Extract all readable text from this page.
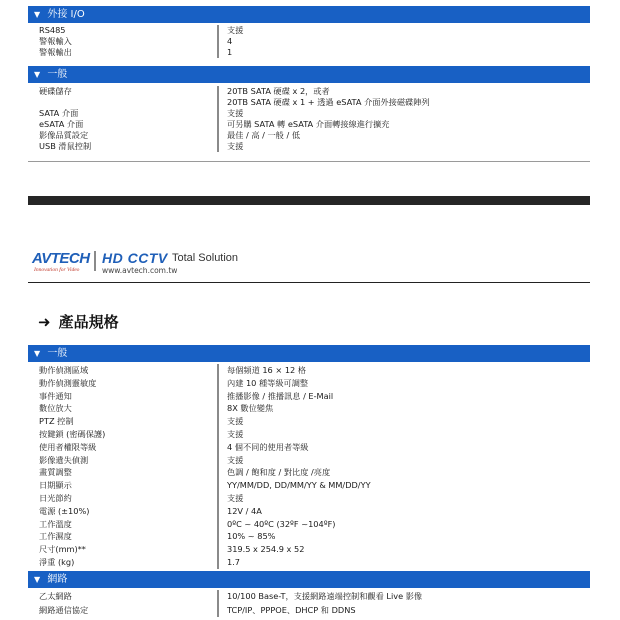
▼ 外接 I/O
RS485	支援
警報輸入	4
警報輸出	1
▼ 一般
硬碟儲存	20TB SATA 硬碟 x 2，或者
20TB SATA 硬碟 x 1 + 透過 eSATA 介面外接磁碟陣列
SATA 介面	支援
eSATA 介面	可另購 SATA 轉 eSATA 介面轉接線進行擴充
影像品質設定	最佳 / 高 / 一般 / 低
USB 滑鼠控制	支援
AVTECH
Innovation for Video
HD CCTV Total Solution
www.avtech.com.tw
➜ 產品規格
▼ 一般
動作偵測區域	每個頻道 16 × 12 格
動作偵測靈敏度	內建 10 種等級可調整
事件通知	推播影像 / 推播訊息 / E-Mail
數位放大	8X 數位變焦
PTZ 控制	支援
按鍵鎖 (密碼保護)	支援
使用者權限等級	4 個不同的使用者等級
影像遺失偵測	支援
畫質調整	色調 / 飽和度 / 對比度 /亮度
日期顯示	YY/MM/DD, DD/MM/YY & MM/DD/YY
日光節約	支援
電源 (±10%)	12V / 4A
工作溫度	0ºC ~ 40ºC (32ºF ~104ºF)
工作濕度	10% ~ 85%
尺寸(mm)**	319.5 x 254.9 x 52
淨重 (kg)	1.7
▼ 網路
乙太網路	10/100 Base-T，支援網路遠端控制和觀看 Live 影像
網路通信協定	TCP/IP、PPPOE、DHCP 和 DDNS
